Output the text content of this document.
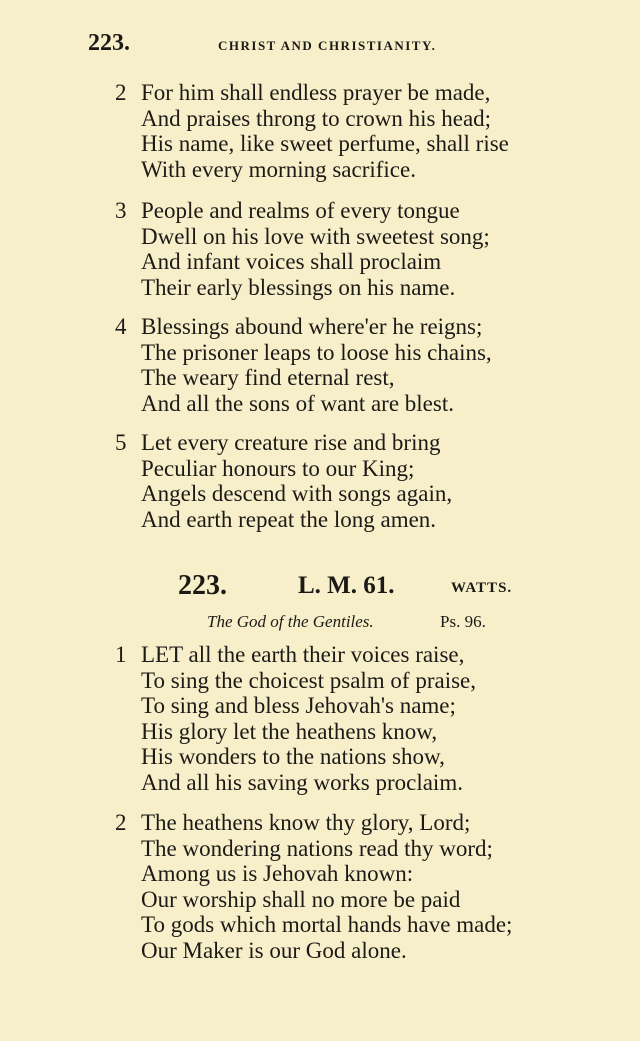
223.	CHRIST AND CHRISTIANITY.
2 For him shall endless prayer be made,
And praises throng to crown his head;
His name, like sweet perfume, shall rise
With every morning sacrifice.
3 People and realms of every tongue
Dwell on his love with sweetest song;
And infant voices shall proclaim
Their early blessings on his name.
4 Blessings abound where'er he reigns;
The prisoner leaps to loose his chains,
The weary find eternal rest,
And all the sons of want are blest.
5 Let every creature rise and bring
Peculiar honours to our King;
Angels descend with songs again,
And earth repeat the long amen.
223.	L. M. 61.	WATTS.
The God of the Gentiles.	Ps. 96.
1 LET all the earth their voices raise,
To sing the choicest psalm of praise,
To sing and bless Jehovah's name;
His glory let the heathens know,
His wonders to the nations show,
And all his saving works proclaim.
2 The heathens know thy glory, Lord;
The wondering nations read thy word;
Among us is Jehovah known:
Our worship shall no more be paid
To gods which mortal hands have made;
Our Maker is our God alone.
